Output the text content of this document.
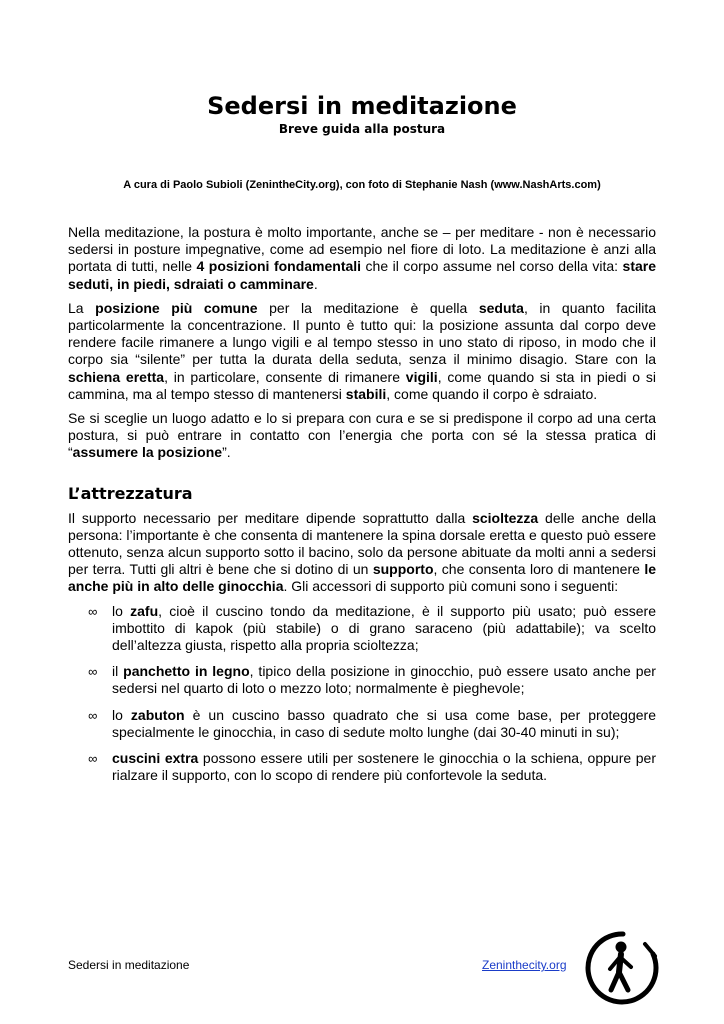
Sedersi in meditazione
Breve guida alla postura
A cura di Paolo Subioli (ZenintheCity.org), con foto di Stephanie Nash (www.NashArts.com)

Nella meditazione, la postura è molto importante, anche se – per meditare - non è necessario sedersi in posture impegnative, come ad esempio nel fiore di loto. La meditazione è anzi alla portata di tutti, nelle 4 posizioni fondamentali che il corpo assume nel corso della vita: stare seduti, in piedi, sdraiati o camminare.

La posizione più comune per la meditazione è quella seduta, in quanto facilita particolarmente la concentrazione. Il punto è tutto qui: la posizione assunta dal corpo deve rendere facile rimanere a lungo vigili e al tempo stesso in uno stato di riposo, in modo che il corpo sia “silente” per tutta la durata della seduta, senza il minimo disagio. Stare con la schiena eretta, in particolare, consente di rimanere vigili, come quando si sta in piedi o si cammina, ma al tempo stesso di mantenersi stabili, come quando il corpo è sdraiato.

Se si sceglie un luogo adatto e lo si prepara con cura e se si predispone il corpo ad una certa postura, si può entrare in contatto con l’energia che porta con sé la stessa pratica di “assumere la posizione”.

L’attrezzatura

Il supporto necessario per meditare dipende soprattutto dalla scioltezza delle anche della persona: l’importante è che consenta di mantenere la spina dorsale eretta e questo può essere ottenuto, senza alcun supporto sotto il bacino, solo da persone abituate da molti anni a sedersi per terra. Tutti gli altri è bene che si dotino di un supporto, che consenta loro di mantenere le anche più in alto delle ginocchia. Gli accessori di supporto più comuni sono i seguenti:

∞ lo zafu, cioè il cuscino tondo da meditazione, è il supporto più usato; può essere imbottito di kapok (più stabile) o di grano saraceno (più adattabile); va scelto dell’altezza giusta, rispetto alla propria scioltezza;
∞ il panchetto in legno, tipico della posizione in ginocchio, può essere usato anche per sedersi nel quarto di loto o mezzo loto; normalmente è pieghevole;
∞ lo zabuton è un cuscino basso quadrato che si usa come base, per proteggere specialmente le ginocchia, in caso di sedute molto lunghe (dai 30-40 minuti in su);
∞ cuscini extra possono essere utili per sostenere le ginocchia o la schiena, oppure per rialzare il supporto, con lo scopo di rendere più confortevole la seduta.
Sedersi in meditazione	Zeninthecity.org
